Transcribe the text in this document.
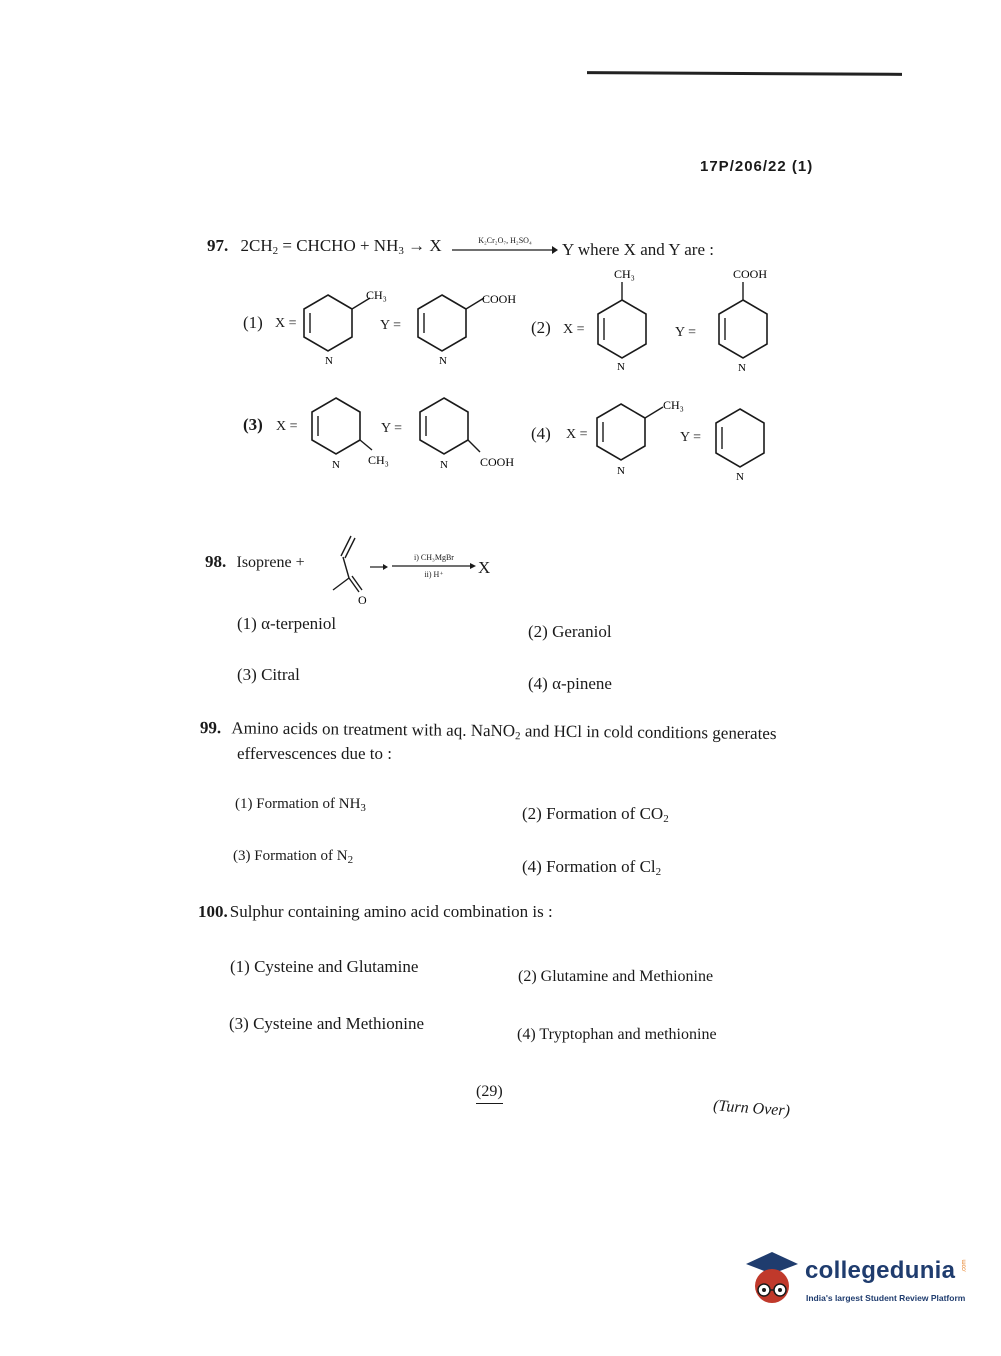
17P/206/22 (1)
97. $2CH_2$ = CHCHO + $NH_3 \to X$	K₂Cr₂O₇, H₂SO₄	Y where X and Y are :
(1) X =
CH₃
N
Y =
COOH
N
(2) X =
CH₃
N
Y =
COOH
N
(3) X =
CH₃
N
Y =
COOH
N
(4) X =
CH₃
N
Y =
N
98. Isoprene +
O
i) CH₃MgBr
ii) H⁺	X
(1) α-terpeniol	(2) Geraniol
(3) Citral	(4) α-pinene
99. Amino acids on treatment with aq. NaNO$_2$ and HCl in cold conditions generates
effervescences due to :
(1) Formation of $NH_3$	(2) Formation of $CO_2$
(3) Formation of $N_2$	(4) Formation of $Cl_2$
100. Sulphur containing amino acid combination is :
(1) Cysteine and Glutamine
(2) Glutamine and Methionine
(3) Cysteine and Methionine
(4) Tryptophan and methionine
(29)
(Turn Over)
collegedunia .com
India's largest Student Review Platform
